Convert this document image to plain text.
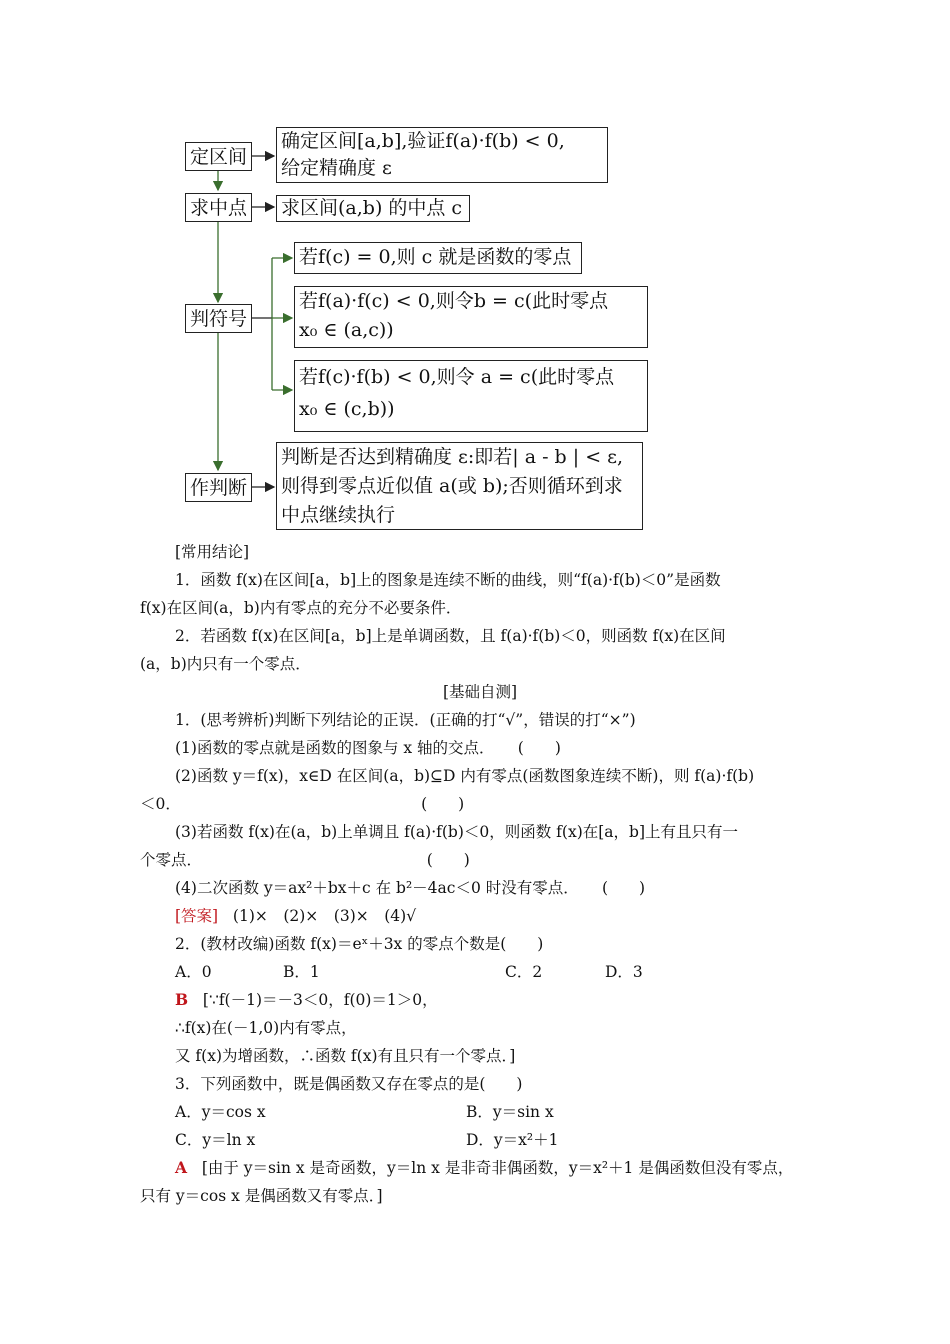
定区间
求中点
判符号
作判断
确定区间[a,b],验证f(a)·f(b) < 0,
给定精确度 ε
求区间(a,b) 的中点 c
若f(c) = 0,则 c 就是函数的零点
若f(a)·f(c) < 0,则令b = c(此时零点
x₀ ∈ (a,c))
若f(c)·f(b) < 0,则令 a = c(此时零点
x₀ ∈ (c,b))
判断是否达到精确度 ε:即若| a - b | < ε,
则得到零点近似值 a(或 b);否则循环到求
中点继续执行
[常用结论]
1．函数 f(x)在区间[a，b]上的图象是连续不断的曲线，则“f(a)·f(b)＜0”是函数
f(x)在区间(a，b)内有零点的充分不必要条件．
2．若函数 f(x)在区间[a，b]上是单调函数，且 f(a)·f(b)＜0，则函数 f(x)在区间
(a，b)内只有一个零点．
[基础自测]
1．(思考辨析)判断下列结论的正误．(正确的打“√”，错误的打“×”)
(1)函数的零点就是函数的图象与 x 轴的交点．　　(　　)
(2)函数 y＝f(x)，x∈D 在区间(a，b)⊆D 内有零点(函数图象连续不断)，则 f(a)·f(b)
＜0．　　　　　　　　　　　　　　　　(　　)
(3)若函数 f(x)在(a，b)上单调且 f(a)·f(b)＜0，则函数 f(x)在[a，b]上有且只有一
个零点．　　　　　　　　　　　　　　　(　　)
(4)二次函数 y＝ax²＋bx＋c 在 b²－4ac＜0 时没有零点．　　(　　)
[答案] (1)×　(2)×　(3)×　(4)√
2．(教材改编)函数 f(x)＝eˣ＋3x 的零点个数是(　　)
A．0	B．1	C．2	D．3
B [∵f(－1)＝－3＜0，f(0)＝1＞0，
∴f(x)在(－1,0)内有零点，
又 f(x)为增函数，∴函数 f(x)有且只有一个零点．]
3．下列函数中，既是偶函数又存在零点的是(　　)
A．y＝cos x	B．y＝sin x
C．y＝ln x	D．y＝x²＋1
A [由于 y＝sin x 是奇函数，y＝ln x 是非奇非偶函数，y＝x²＋1 是偶函数但没有零点，
只有 y＝cos x 是偶函数又有零点．]
